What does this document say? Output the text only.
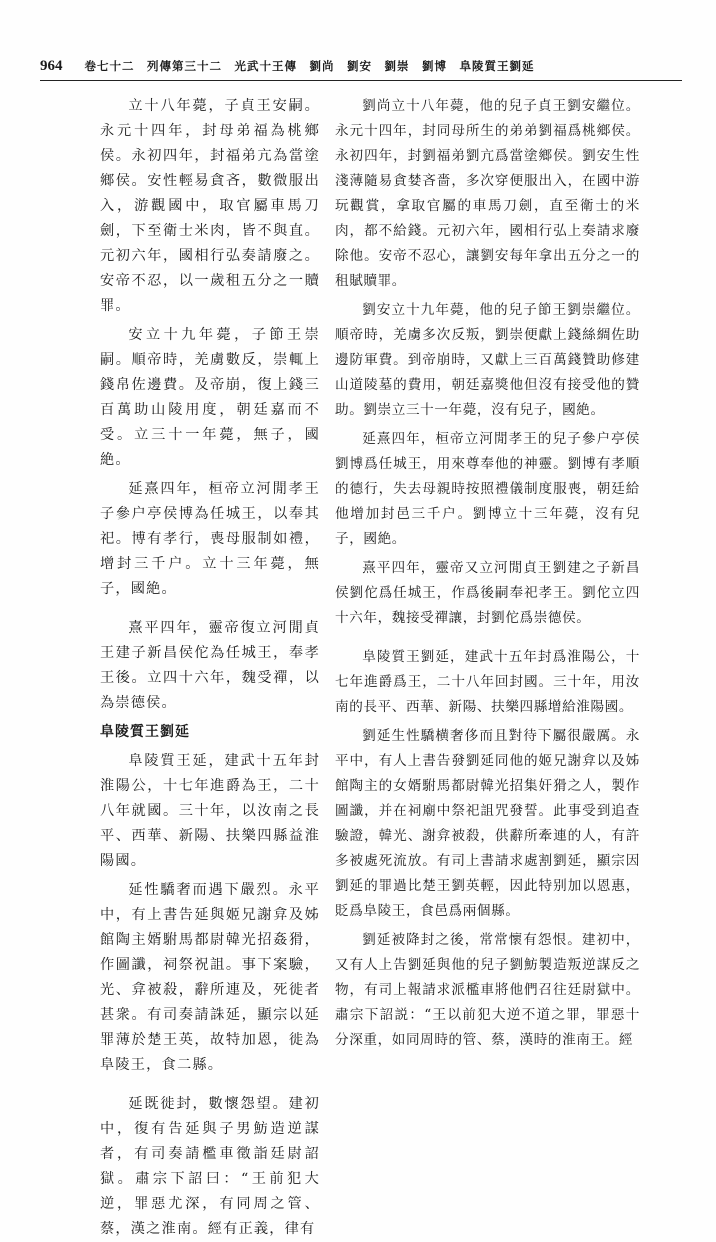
964 卷七十二　列傳第三十二　光武十王傳　劉尚　劉安　劉崇　劉博　阜陵質王劉延

立十八年薨，子貞王安嗣。永元十四年，封母弟福為桃鄉侯。永初四年，封福弟亢為當塗鄉侯。安性輕易貪吝，數微服出入，游觀國中，取官屬車馬刀劍，下至衛士米肉，皆不與直。元初六年，國相行弘奏請廢之。安帝不忍，以一歲租五分之一贖罪。

安立十九年薨，子節王崇嗣。順帝時，羌虜數反，崇輒上錢帛佐邊費。及帝崩，復上錢三百萬助山陵用度，朝廷嘉而不受。立三十一年薨，無子，國絶。

延熹四年，桓帝立河閒孝王子參户亭侯博為任城王，以奉其祀。博有孝行，喪母服制如禮，增封三千户。立十三年薨，無子，國絶。

熹平四年，靈帝復立河閒貞王建子新昌侯佗為任城王，奉孝王後。立四十六年，魏受禪，以為崇德侯。

阜陵質王劉延

阜陵質王延，建武十五年封淮陽公，十七年進爵為王，二十八年就國。三十年，以汝南之長平、西華、新陽、扶樂四縣益淮陽國。

延性驕奢而遇下嚴烈。永平中，有上書告延與姬兄謝弇及姊館陶主婿駙馬都尉韓光招姦猾，作圖讖，祠祭祝詛。事下案驗，光、弇被殺，辭所連及，死徙者甚衆。有司奏請誅延，顯宗以延罪薄於楚王英，故特加恩，徙為阜陵王，食二縣。

延既徙封，數懷怨望。建初中，復有告延與子男魴造逆謀者，有司奏請檻車徵詣廷尉詔獄。肅宗下詔曰：“王前犯大逆，罪惡尤深，有同周之管、蔡，漢之淮南。經有正義，律有

劉尚立十八年薨，他的兒子貞王劉安繼位。永元十四年，封同母所生的弟弟劉福爲桃鄉侯。永初四年，封劉福弟劉亢爲當塗鄉侯。劉安生性淺薄隨易貪婪吝嗇，多次穿便服出入，在國中游玩觀賞，拿取官屬的車馬刀劍，直至衛士的米肉，都不給錢。元初六年，國相行弘上奏請求廢除他。安帝不忍心，讓劉安每年拿出五分之一的租賦贖罪。

劉安立十九年薨，他的兒子節王劉崇繼位。順帝時，羌虜多次反叛，劉崇便獻上錢絲綢佐助邊防軍費。到帝崩時，又獻上三百萬錢贊助修建山道陵墓的費用，朝廷嘉獎他但沒有接受他的贊助。劉崇立三十一年薨，沒有兒子，國絶。

延熹四年，桓帝立河閒孝王的兒子參户亭侯劉博爲任城王，用來尊奉他的神靈。劉博有孝順的德行，失去母親時按照禮儀制度服喪，朝廷給他增加封邑三千户。劉博立十三年薨，沒有兒子，國絶。

熹平四年，靈帝又立河閒貞王劉建之子新昌侯劉佗爲任城王，作爲後嗣奉祀孝王。劉佗立四十六年，魏接受禪讓，封劉佗爲崇德侯。

阜陵質王劉延，建武十五年封爲淮陽公，十七年進爵爲王，二十八年回封國。三十年，用汝南的長平、西華、新陽、扶樂四縣增給淮陽國。

劉延生性驕横奢侈而且對待下屬很嚴厲。永平中，有人上書告發劉延同他的姬兄謝弇以及姊館陶主的女婿駙馬都尉韓光招集奸猾之人，製作圖讖，并在祠廟中祭祀詛咒發誓。此事受到追查驗證，韓光、謝弇被殺，供辭所牽連的人，有許多被處死流放。有司上書請求處割劉延，顯宗因劉延的罪過比楚王劉英輕，因此特别加以恩惠，貶爲阜陵王，食邑爲兩個縣。

劉延被降封之後，常常懷有怨恨。建初中，又有人上告劉延與他的兒子劉魴製造叛逆謀反之物，有司上報請求派檻車將他們召往廷尉獄中。肅宗下詔説：“王以前犯大逆不道之罪，罪惡十分深重，如同周時的管、蔡，漢時的淮南王。經
